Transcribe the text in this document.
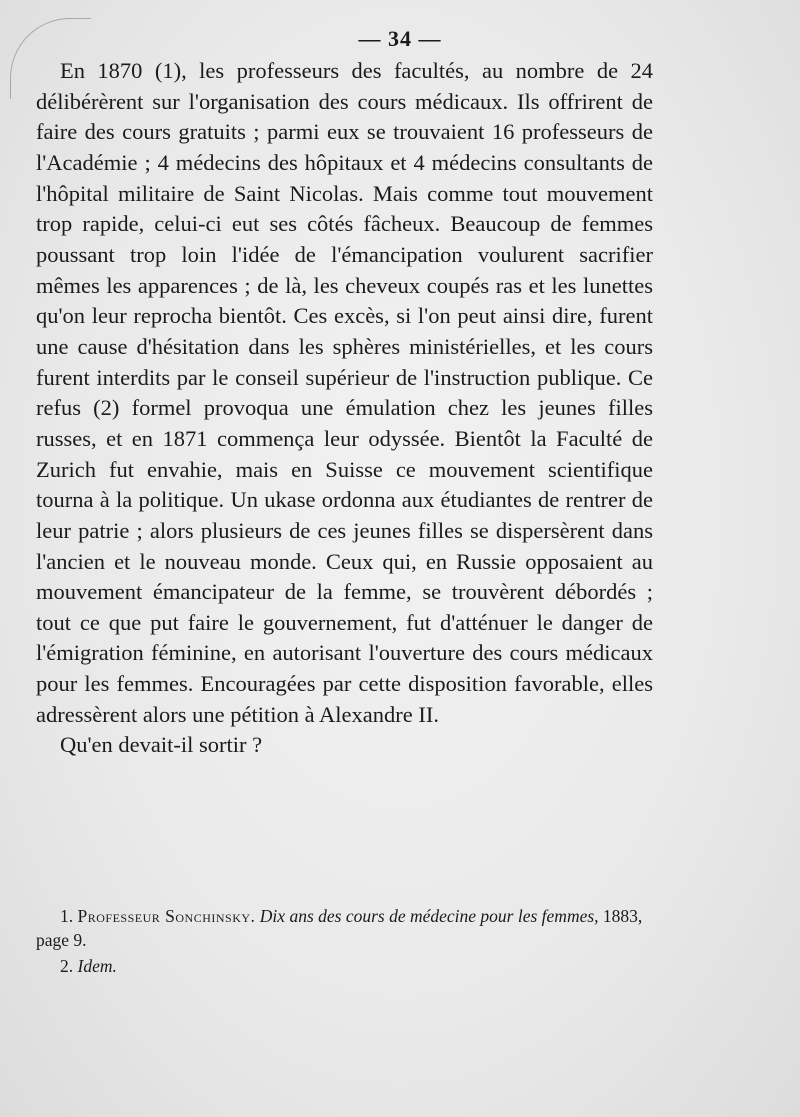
— 34 —

En 1870 (1), les professeurs des facultés, au nombre de 24 délibérèrent sur l'organisation des cours médicaux. Ils offrirent de faire des cours gratuits ; parmi eux se trouvaient 16 professeurs de l'Académie ; 4 médecins des hôpitaux et 4 médecins consultants de l'hôpital militaire de Saint Nicolas. Mais comme tout mouvement trop rapide, celui-ci eut ses côtés fâcheux. Beaucoup de femmes poussant trop loin l'idée de l'émancipation voulurent sacrifier mêmes les apparences ; de là, les cheveux coupés ras et les lunettes qu'on leur reprocha bientôt. Ces excès, si l'on peut ainsi dire, furent une cause d'hésitation dans les sphères ministérielles, et les cours furent interdits par le conseil supérieur de l'instruction publique. Ce refus (2) formel provoqua une émulation chez les jeunes filles russes, et en 1871 commença leur odyssée. Bientôt la Faculté de Zurich fut envahie, mais en Suisse ce mouvement scientifique tourna à la politique. Un ukase ordonna aux étudiantes de rentrer de leur patrie ; alors plusieurs de ces jeunes filles se dispersèrent dans l'ancien et le nouveau monde. Ceux qui, en Russie opposaient au mouvement émancipateur de la femme, se trouvèrent débordés ; tout ce que put faire le gouvernement, fut d'atténuer le danger de l'émigration féminine, en autorisant l'ouverture des cours médicaux pour les femmes. Encouragées par cette disposition favorable, elles adressèrent alors une pétition à Alexandre II.

Qu'en devait-il sortir ?

1. Professeur Sonchinsky. Dix ans des cours de médecine pour les femmes, 1883, page 9.

2. Idem.
